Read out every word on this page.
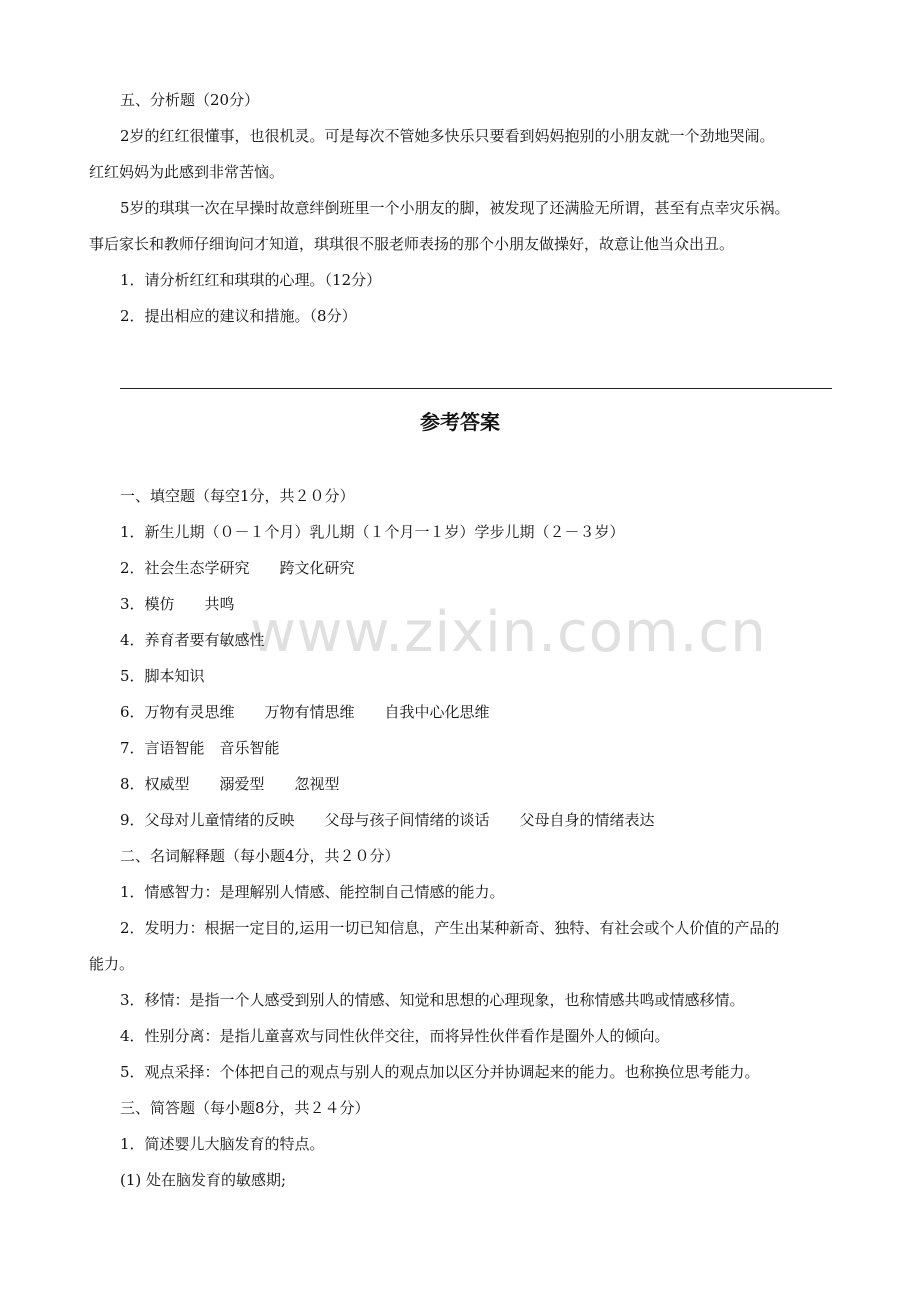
五、分析题（20分）
2岁的红红很懂事，也很机灵。可是每次不管她多快乐只要看到妈妈抱别的小朋友就一个劲地哭闹。
红红妈妈为此感到非常苦恼。
5岁的琪琪一次在早操时故意绊倒班里一个小朋友的脚，被发现了还满脸无所谓，甚至有点幸灾乐祸。
事后家长和教师仔细询问才知道，琪琪很不服老师表扬的那个小朋友做操好，故意让他当众出丑。
1．请分析红红和琪琪的心理。（12分）
2．提出相应的建议和措施。（8分）
参考答案
www.zixin.com.cn
一、填空题（每空1分，共２０分）
1．新生儿期（０－１个月）乳儿期（１个月一１岁）学步儿期（２－３岁）
2．社会生态学研究　　跨文化研究
3．模仿　　共鸣
4．养育者要有敏感性
5．脚本知识
6．万物有灵思维　　万物有情思维　　自我中心化思维
7．言语智能　音乐智能
8．权威型　　溺爱型　　忽视型
9．父母对儿童情绪的反映　　父母与孩子间情绪的谈话　　父母自身的情绪表达
二、名词解释题（每小题4分，共２０分）
1．情感智力：是理解别人情感、能控制自己情感的能力。
2．发明力：根据一定目的,运用一切已知信息，产生出某种新奇、独特、有社会或个人价值的产品的
能力。
3．移情：是指一个人感受到别人的情感、知觉和思想的心理现象，也称情感共鸣或情感移情。
4．性别分离：是指儿童喜欢与同性伙伴交往，而将异性伙伴看作是圈外人的倾向。
5．观点采择：个体把自己的观点与别人的观点加以区分并协调起来的能力。也称换位思考能力。
三、简答题（每小题8分，共２４分）
1．简述婴儿大脑发育的特点。
(1) 处在脑发育的敏感期;
